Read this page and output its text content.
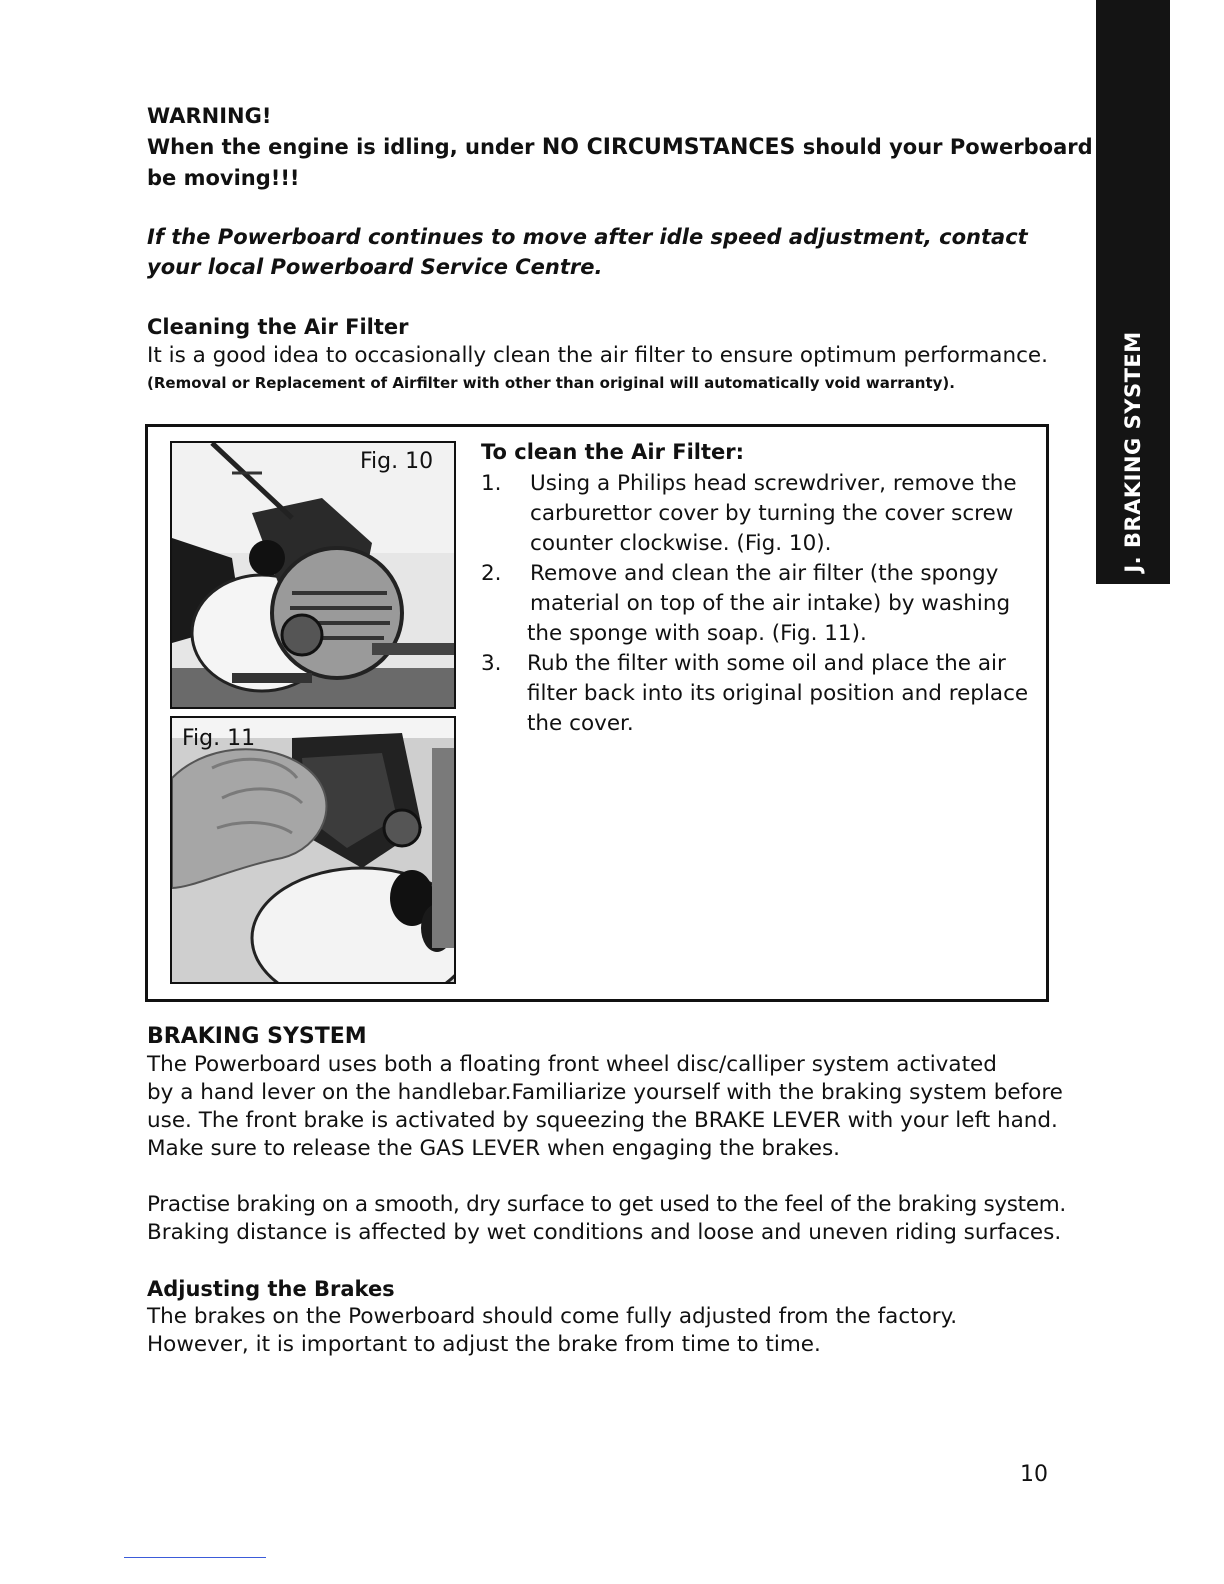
J. BRAKING SYSTEM
WARNING!
When the engine is idling, under NO CIRCUMSTANCES should your Powerboard
be moving!!!
If the Powerboard continues to move after idle speed adjustment, contact
your local Powerboard Service Centre.
Cleaning the Air Filter
It is a good idea to occasionally clean the air filter to ensure optimum performance.
(Removal or Replacement of Airfilter with other than original will automatically void warranty).
Fig. 10
Fig. 11
To clean the Air Filter:
1. Using a Philips head screwdriver, remove the
carburettor cover by turning the cover screw
counter clockwise. (Fig. 10).
2. Remove and clean the air filter (the spongy
material on top of the air intake) by washing
the sponge with soap. (Fig. 11).
3. Rub the filter with some oil and place the air
filter back into its original position and replace
the cover.
BRAKING SYSTEM
The Powerboard uses both a floating front wheel disc/calliper system activated
by a hand lever on the handlebar.Familiarize yourself with the braking system before
use. The front brake is activated by squeezing the BRAKE LEVER with your left hand.
Make sure to release the GAS LEVER when engaging the brakes.
Practise braking on a smooth, dry surface to get used to the feel of the braking system.
Braking distance is affected by wet conditions and loose and uneven riding surfaces.
Adjusting the Brakes
The brakes on the Powerboard should come fully adjusted from the factory.
However, it is important to adjust the brake from time to time.
10
